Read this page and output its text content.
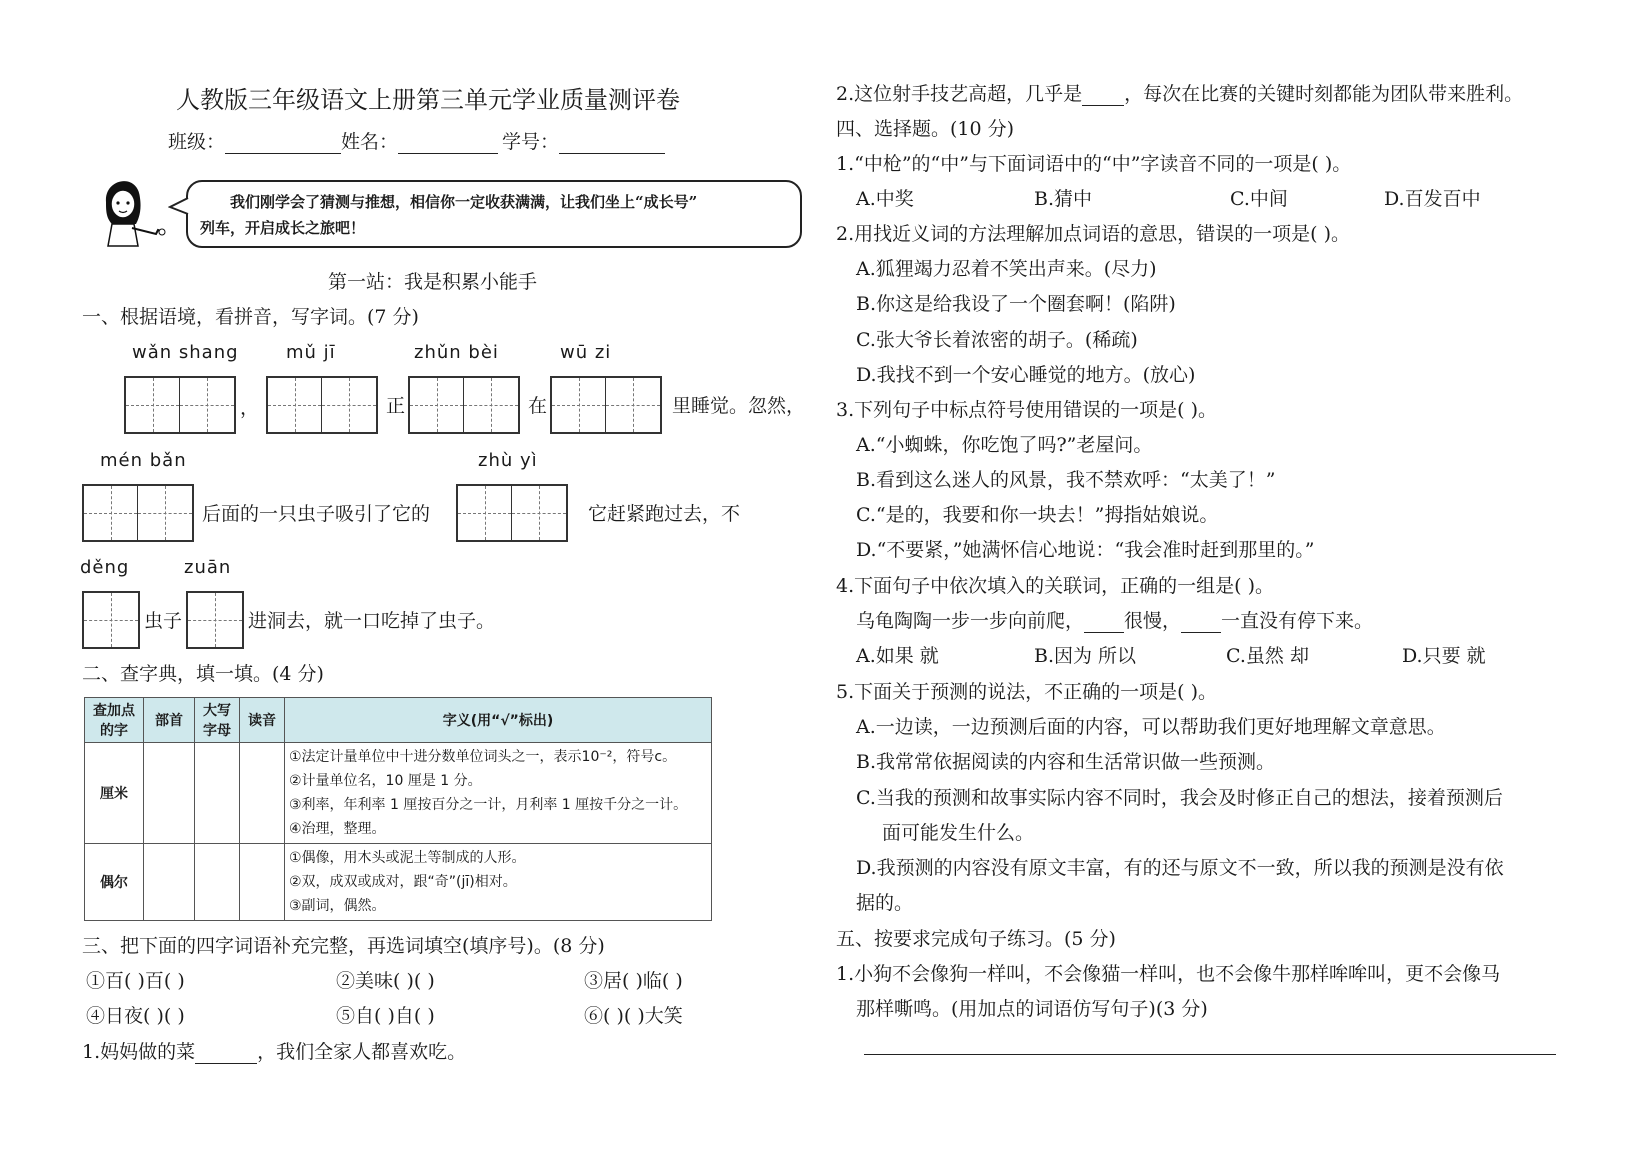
人教版三年级语文上册第三单元学业质量测评卷
班级：	姓名：	学号：
我们刚学会了猜测与推想，相信你一定收获满满，让我们坐上“成长号”
列车，开启成长之旅吧！
第一站：我是积累小能手
一、根据语境，看拼音，写字词。(7 分)
wǎn shang	mǔ jī	zhǔn bèi	wū zi
，	正	在	里睡觉。忽然，
mén bǎn	zhù yì
后面的一只虫子吸引了它的	它赶紧跑过去，不
děng	zuān
虫子	进洞去，就一口吃掉了虫子。
二、查字典，填一填。(4 分)
查加点的字	部首	大写字母	读音	字义(用“√”标出)
厘米				①法定计量单位中十进分数单位词头之一，表示10⁻²，符号c。
②计量单位名，10 厘是 1 分。
③利率，年利率 1 厘按百分之一计，月利率 1 厘按千分之一计。
④治理，整理。

偶尔				①偶像，用木头或泥土等制成的人形。
②双，成双或成对，跟“奇”(jī)相对。
③副词，偶然。
三、把下面的四字词语补充完整，再选词填空(填序号)。(8 分)
①百( )百( )	②美味( )( )	③居( )临( )
④日夜( )( )	⑤自( )自( )	⑥( )( )大笑
1.妈妈做的菜	，我们全家人都喜欢吃。
2.这位射手技艺高超，几乎是 ，每次在比赛的关键时刻都能为团队带来胜利。
四、选择题。(10 分)
1.“中枪”的“中”与下面词语中的“中”字读音不同的一项是( )。
A.中奖	B.猜中	C.中间	D.百发百中
2.用找近义词的方法理解加点词语的意思，错误的一项是( )。
A.狐狸竭力忍着不笑出声来。(尽力)
B.你这是给我设了一个圈套啊！(陷阱)
C.张大爷长着浓密的胡子。(稀疏)
D.我找不到一个安心睡觉的地方。(放心)
3.下列句子中标点符号使用错误的一项是( )。
A.“小蜘蛛，你吃饱了吗?”老屋问。
B.看到这么迷人的风景，我不禁欢呼：“太美了！”
C.“是的，我要和你一块去！”拇指姑娘说。
D.“不要紧，”她满怀信心地说：“我会准时赶到那里的。”
4.下面句子中依次填入的关联词，正确的一组是( )。
乌龟陶陶一步一步向前爬， 很慢， 一直没有停下来。
A.如果 就	B.因为 所以	C.虽然 却	D.只要 就
5.下面关于预测的说法，不正确的一项是( )。
A.一边读，一边预测后面的内容，可以帮助我们更好地理解文章意思。
B.我常常依据阅读的内容和生活常识做一些预测。
C.当我的预测和故事实际内容不同时，我会及时修正自己的想法，接着预测后
面可能发生什么。
D.我预测的内容没有原文丰富，有的还与原文不一致，所以我的预测是没有依
据的。
五、按要求完成句子练习。(5 分)
1.小狗不会像狗一样叫，不会像猫一样叫，也不会像牛那样哞哞叫，更不会像马
那样嘶鸣。(用加点的词语仿写句子)(3 分)
